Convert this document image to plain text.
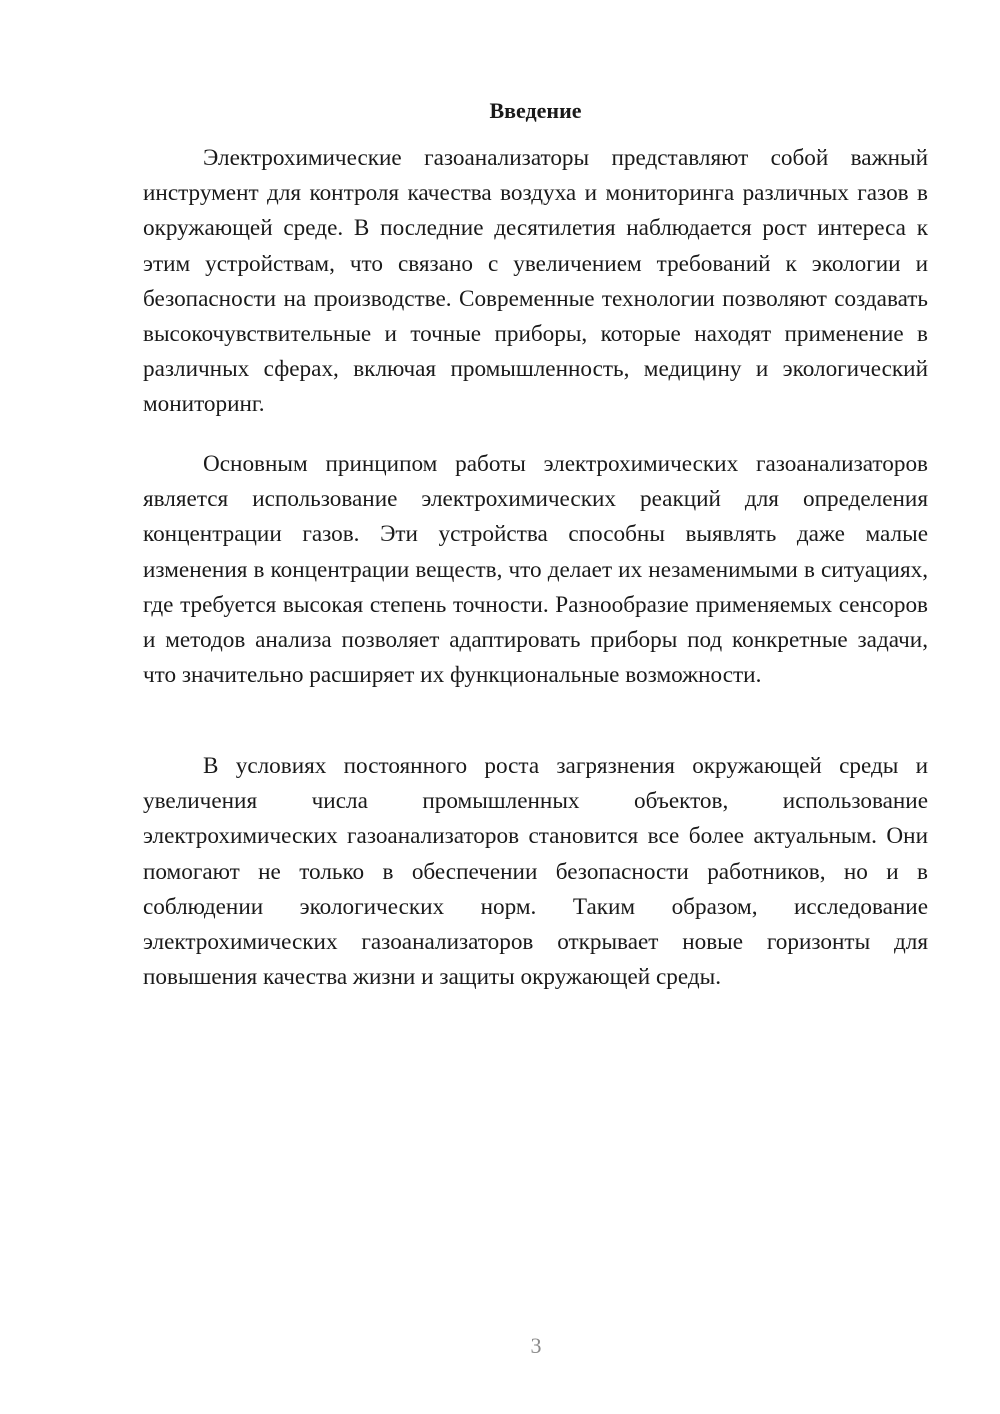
Введение

Электрохимические газоанализаторы представляют собой важный инструмент для контроля качества воздуха и мониторинга различных газов в окружающей среде. В последние десятилетия наблюдается рост интереса к этим устройствам, что связано с увеличением требований к экологии и безопасности на производстве. Современные технологии позволяют создавать высокочувствительные и точные приборы, которые находят применение в различных сферах, включая промышленность, медицину и экологический мониторинг.

Основным принципом работы электрохимических газоанализаторов является использование электрохимических реакций для определения концентрации газов. Эти устройства способны выявлять даже малые изменения в концентрации веществ, что делает их незаменимыми в ситуациях, где требуется высокая степень точности. Разнообразие применяемых сенсоров и методов анализа позволяет адаптировать приборы под конкретные задачи, что значительно расширяет их функциональные возможности.

В условиях постоянного роста загрязнения окружающей среды и увеличения числа промышленных объектов, использование электрохимических газоанализаторов становится все более актуальным. Они помогают не только в обеспечении безопасности работников, но и в соблюдении экологических норм. Таким образом, исследование электрохимических газоанализаторов открывает новые горизонты для повышения качества жизни и защиты окружающей среды.

3
